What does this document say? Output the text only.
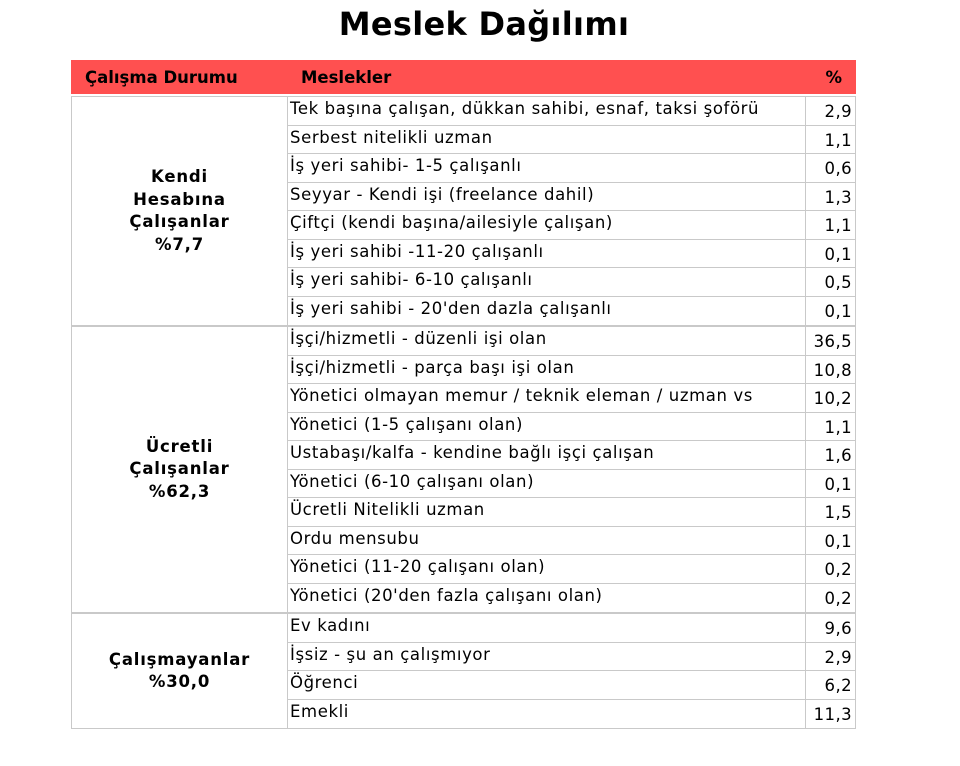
Meslek Dağılımı
Çalışma Durumu	Meslekler	%
Kendi
Hesabına
Çalışanlar
%7,7
Tek başına çalışan, dükkan sahibi, esnaf, taksi şoförü	2,9
Serbest nitelikli uzman	1,1
İş yeri sahibi- 1-5 çalışanlı	0,6
Seyyar - Kendi işi (freelance dahil)	1,3
Çiftçi (kendi başına/ailesiyle çalışan)	1,1
İş yeri sahibi -11-20 çalışanlı	0,1
İş yeri sahibi- 6-10 çalışanlı	0,5
İş yeri sahibi - 20'den dazla çalışanlı	0,1
Ücretli
Çalışanlar
%62,3
İşçi/hizmetli - düzenli işi olan	36,5
İşçi/hizmetli - parça başı işi olan	10,8
Yönetici olmayan memur / teknik eleman / uzman vs	10,2
Yönetici (1-5 çalışanı olan)	1,1
Ustabaşı/kalfa - kendine bağlı işçi çalışan	1,6
Yönetici (6-10 çalışanı olan)	0,1
Ücretli Nitelikli uzman	1,5
Ordu mensubu	0,1
Yönetici (11-20 çalışanı olan)	0,2
Yönetici (20'den fazla çalışanı olan)	0,2
Çalışmayanlar
%30,0
Ev kadını	9,6
İşsiz - şu an çalışmıyor	2,9
Öğrenci	6,2
Emekli	11,3
